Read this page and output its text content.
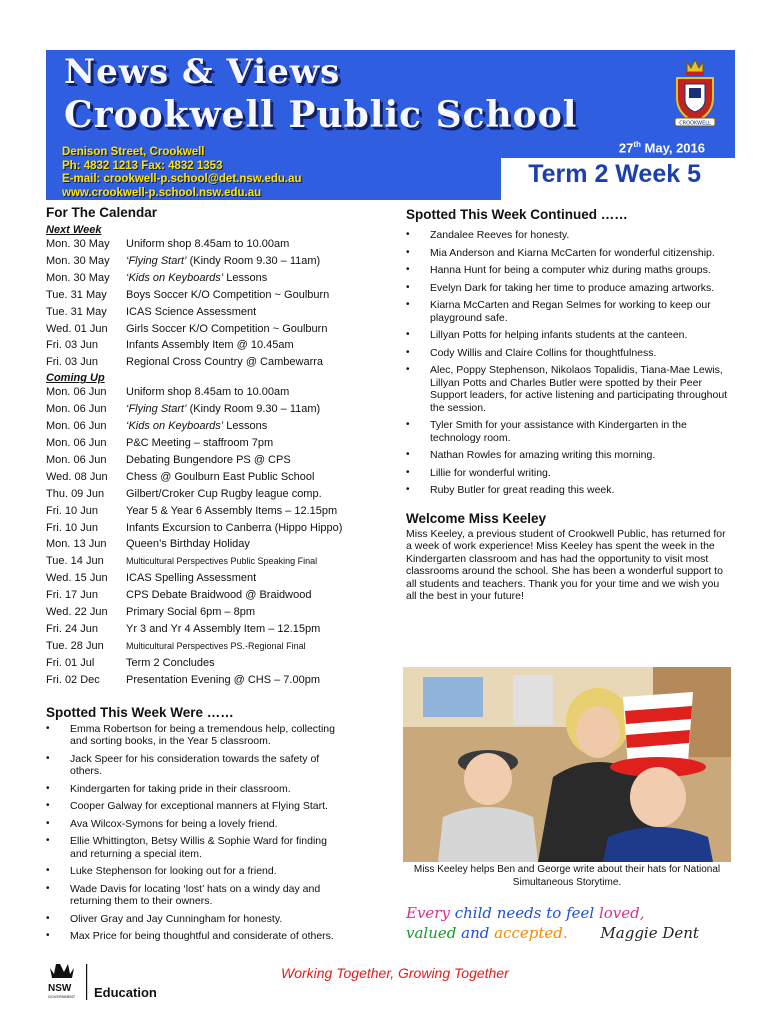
News & Views
Crookwell Public School
Denison Street, Crookwell
Ph: 4832 1213 Fax: 4832 1353
E-mail: crookwell-p.school@det.nsw.edu.au
www.crookwell-p.school.nsw.edu.au
CROOKWELL
27th May, 2016
Term 2 Week 5
For The Calendar
Next Week
Mon. 30 May	Uniform shop 8.45am to 10.00am
Mon. 30 May	‘Flying Start’ (Kindy Room 9.30 – 11am)
Mon. 30 May	‘Kids on Keyboards’ Lessons
Tue. 31 May	Boys Soccer K/O Competition ~ Goulburn
Tue. 31 May	ICAS Science Assessment
Wed. 01 Jun	Girls Soccer K/O Competition ~ Goulburn
Fri. 03 Jun	Infants Assembly Item @ 10.45am
Fri. 03 Jun	Regional Cross Country @ Cambewarra
Coming Up
Mon. 06 Jun	Uniform shop 8.45am to 10.00am
Mon. 06 Jun	‘Flying Start’ (Kindy Room 9.30 – 11am)
Mon. 06 Jun	‘Kids on Keyboards’ Lessons
Mon. 06 Jun	P&C Meeting – staffroom 7pm
Mon. 06 Jun	Debating Bungendore PS @ CPS
Wed. 08 Jun	Chess @ Goulburn East Public School
Thu. 09 Jun	Gilbert/Croker Cup Rugby league comp.
Fri. 10 Jun	Year 5 & Year 6 Assembly Items – 12.15pm
Fri. 10 Jun	Infants Excursion to Canberra (Hippo Hippo)
Mon. 13 Jun	Queen’s Birthday Holiday
Tue. 14 Jun	Multicultural Perspectives Public Speaking Final
Wed. 15 Jun	ICAS Spelling Assessment
Fri. 17 Jun	CPS Debate Braidwood @ Braidwood
Wed. 22 Jun	Primary Social 6pm – 8pm
Fri. 24 Jun	Yr 3 and Yr 4 Assembly Item – 12.15pm
Tue. 28 Jun	Multicultural Perspectives PS.-Regional Final
Fri. 01 Jul	Term 2 Concludes
Fri. 02 Dec	Presentation Evening @ CHS – 7.00pm
Spotted This Week Were ……
• Emma Robertson for being a tremendous help, collecting and sorting books, in the Year 5 classroom.
• Jack Speer for his consideration towards the safety of others.
• Kindergarten for taking pride in their classroom.
• Cooper Galway for exceptional manners at Flying Start.
• Ava Wilcox-Symons for being a lovely friend.
• Ellie Whittington, Betsy Willis & Sophie Ward for finding and returning a special item.
• Luke Stephenson for looking out for a friend.
• Wade Davis for locating ‘lost’ hats on a windy day and returning them to their owners.
• Oliver Gray and Jay Cunningham for honesty.
• Max Price for being thoughtful and considerate of others.
Spotted This Week Continued ……
• Zandalee Reeves for honesty.
• Mia Anderson and Kiarna McCarten for wonderful citizenship.
• Hanna Hunt for being a computer whiz during maths groups.
• Evelyn Dark for taking her time to produce amazing artworks.
• Kiarna McCarten and Regan Selmes for working to keep our playground safe.
• Lillyan Potts for helping infants students at the canteen.
• Cody Willis and Claire Collins for thoughtfulness.
• Alec, Poppy Stephenson, Nikolaos Topalidis, Tiana-Mae Lewis, Lillyan Potts and Charles Butler were spotted by their Peer Support leaders, for active listening and participating throughout the session.
• Tyler Smith for your assistance with Kindergarten in the technology room.
• Nathan Rowles for amazing writing this morning.
• Lillie for wonderful writing.
• Ruby Butler for great reading this week.
Welcome Miss Keeley

Miss Keeley, a previous student of Crookwell Public, has returned for a week of work experience! Miss Keeley has spent the week in the Kindergarten classroom and has had the opportunity to visit most classrooms around the school. She has been a wonderful support to all students and teachers. Thank you for your time and we wish you all the best in your future!

Miss Keeley helps Ben and George write about their hats for National Simultaneous Storytime.
Every child needs to feel loved,
valued and accepted. Maggie Dent
NSW
GOVERNMENT Education
Working Together, Growing Together
